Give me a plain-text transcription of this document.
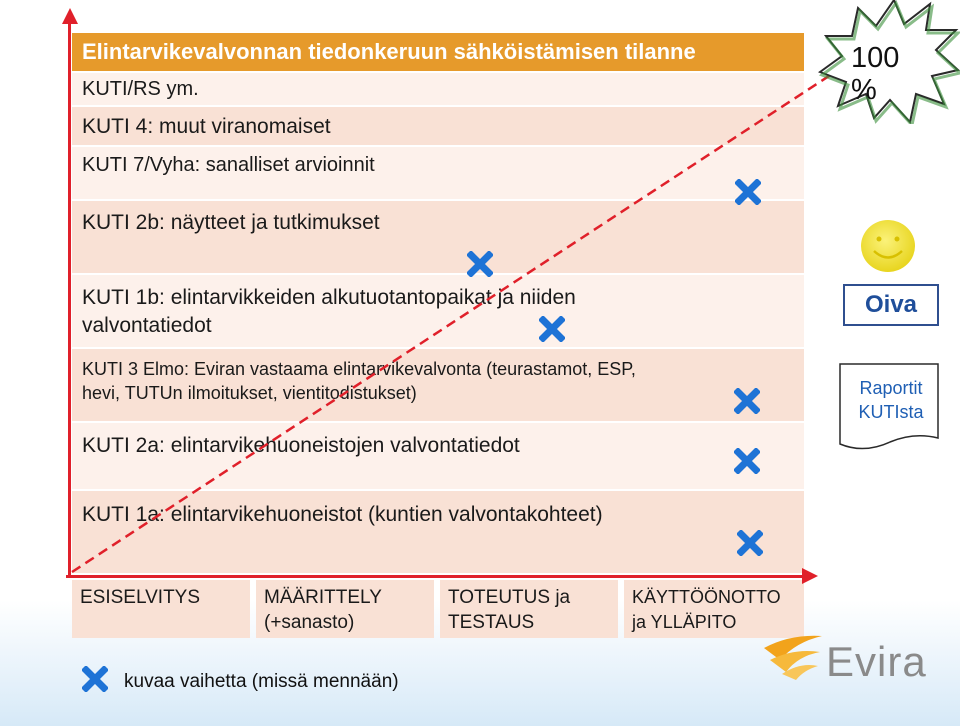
Elintarvikevalvonnan tiedonkeruun sähköistämisen tilanne
KUTI/RS ym.
KUTI 4: muut viranomaiset
KUTI 7/Vyha: sanalliset arvioinnit
KUTI 2b: näytteet ja tutkimukset
KUTI 1b: elintarvikkeiden alkutuotantopaikat ja niiden
valvontatiedot
KUTI 3 Elmo: Eviran vastaama elintarvikevalvonta (teurastamot, ESP,
hevi, TUTUn ilmoitukset, vientitodistukset)
KUTI 2a: elintarvikehuoneistojen valvontatiedot
KUTI 1a: elintarvikehuoneistot (kuntien valvontakohteet)
ESISELVITYS	MÄÄRITTELY
(+sanasto)
TOTEUTUS ja
TESTAUS
KÄYTTÖÖNOTTO
ja YLLÄPITO
100
%
Oiva
Raportit
KUTIsta
kuvaa vaihetta (missä mennään)	Evira
